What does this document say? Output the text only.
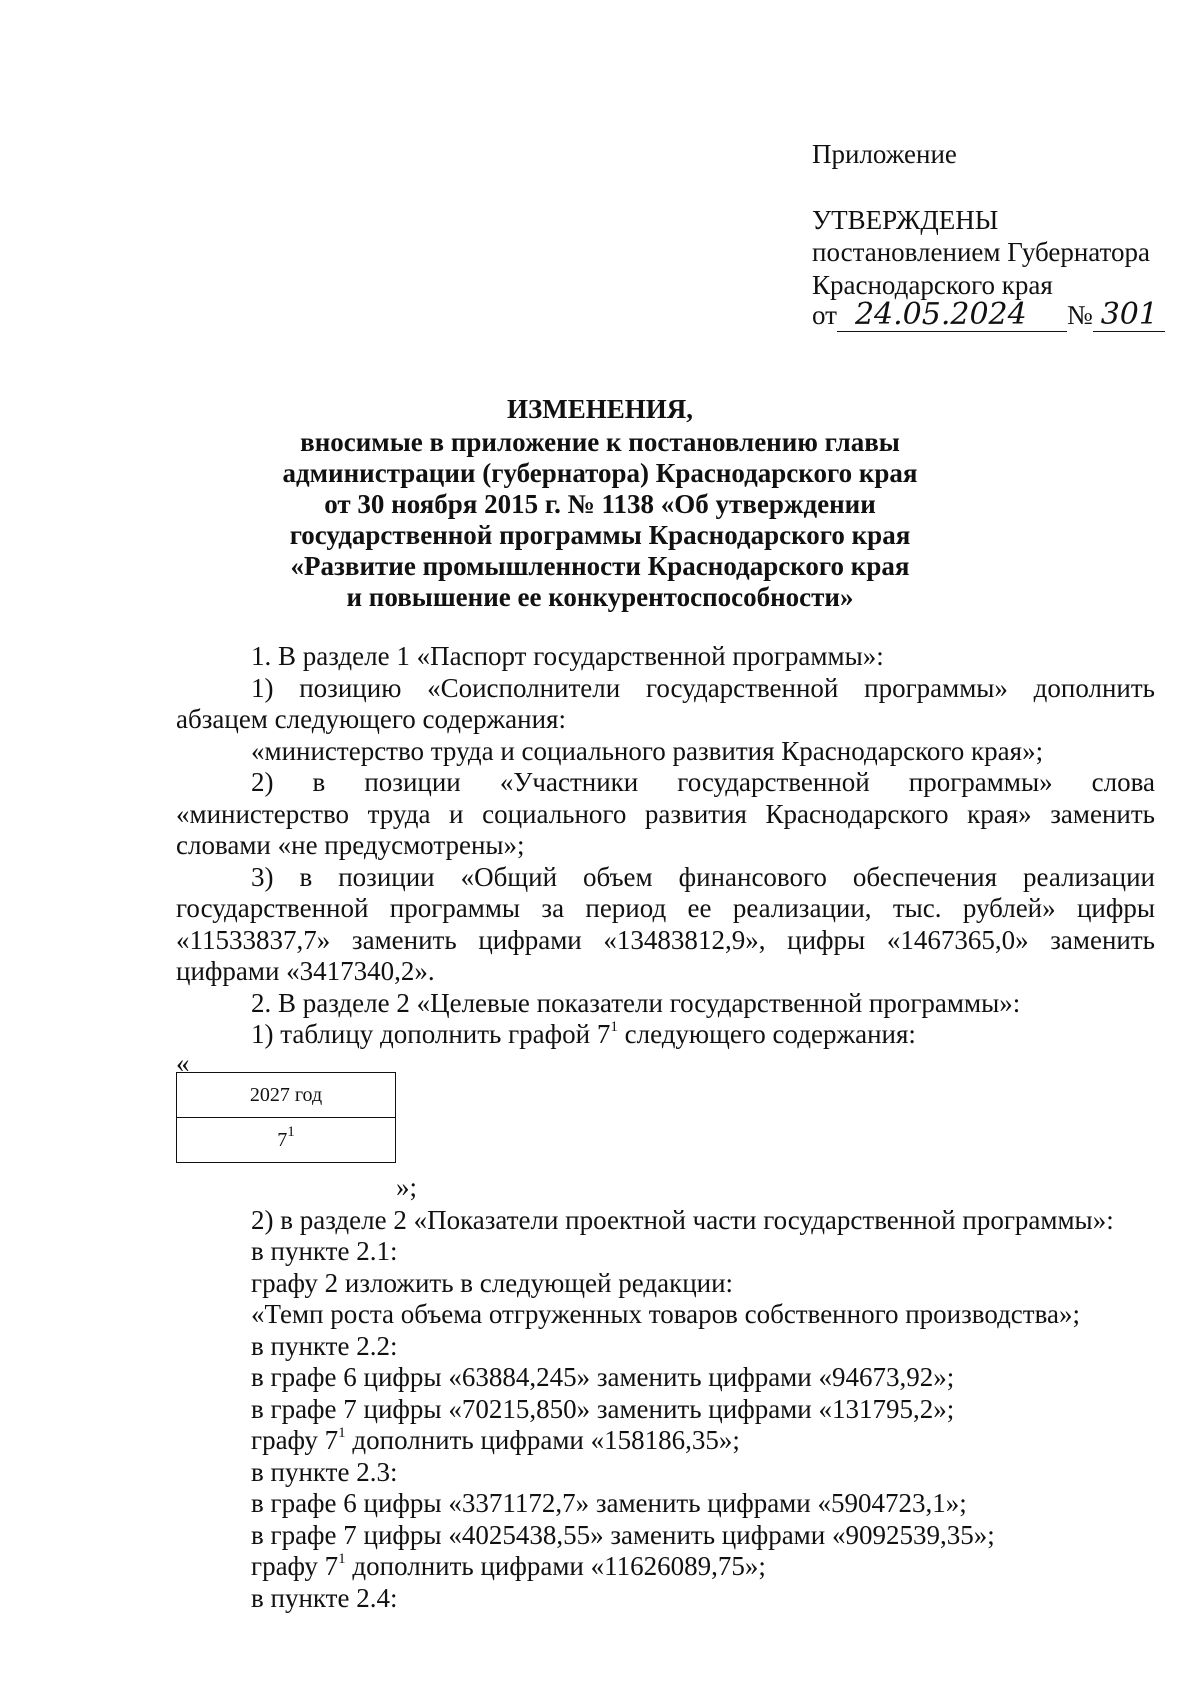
Приложение
УТВЕРЖДЕНЫ
постановлением Губернатора
Краснодарского края
от 24.05.2024 № 301
ИЗМЕНЕНИЯ,
вносимые в приложение к постановлению главы
администрации (губернатора) Краснодарского края
от 30 ноября 2015 г. № 1138 «Об утверждении
государственной программы Краснодарского края
«Развитие промышленности Краснодарского края
и повышение ее конкурентоспособности»
1. В разделе 1 «Паспорт государственной программы»:
1) позицию «Соисполнители государственной программы» дополнить
абзацем следующего содержания:
«министерство труда и социального развития Краснодарского края»;
2) в позиции «Участники государственной программы» слова
«министерство труда и социального развития Краснодарского края» заменить
словами «не предусмотрены»;
3) в позиции «Общий объем финансового обеспечения реализации
государственной программы за период ее реализации, тыс. рублей» цифры
«11533837,7» заменить цифрами «13483812,9», цифры «1467365,0» заменить
цифрами «3417340,2».
2. В разделе 2 «Целевые показатели государственной программы»:
1) таблицу дополнить графой $7^1$ следующего содержания:
«
2027 год
$7^1$
»;
2) в разделе 2 «Показатели проектной части государственной программы»:
в пункте 2.1:
графу 2 изложить в следующей редакции:
«Темп роста объема отгруженных товаров собственного производства»;
в пункте 2.2:
в графе 6 цифры «63884,245» заменить цифрами «94673,92»;
в графе 7 цифры «70215,850» заменить цифрами «131795,2»;
графу $7^1$ дополнить цифрами «158186,35»;
в пункте 2.3:
в графе 6 цифры «3371172,7» заменить цифрами «5904723,1»;
в графе 7 цифры «4025438,55» заменить цифрами «9092539,35»;
графу $7^1$ дополнить цифрами «11626089,75»;
в пункте 2.4:
